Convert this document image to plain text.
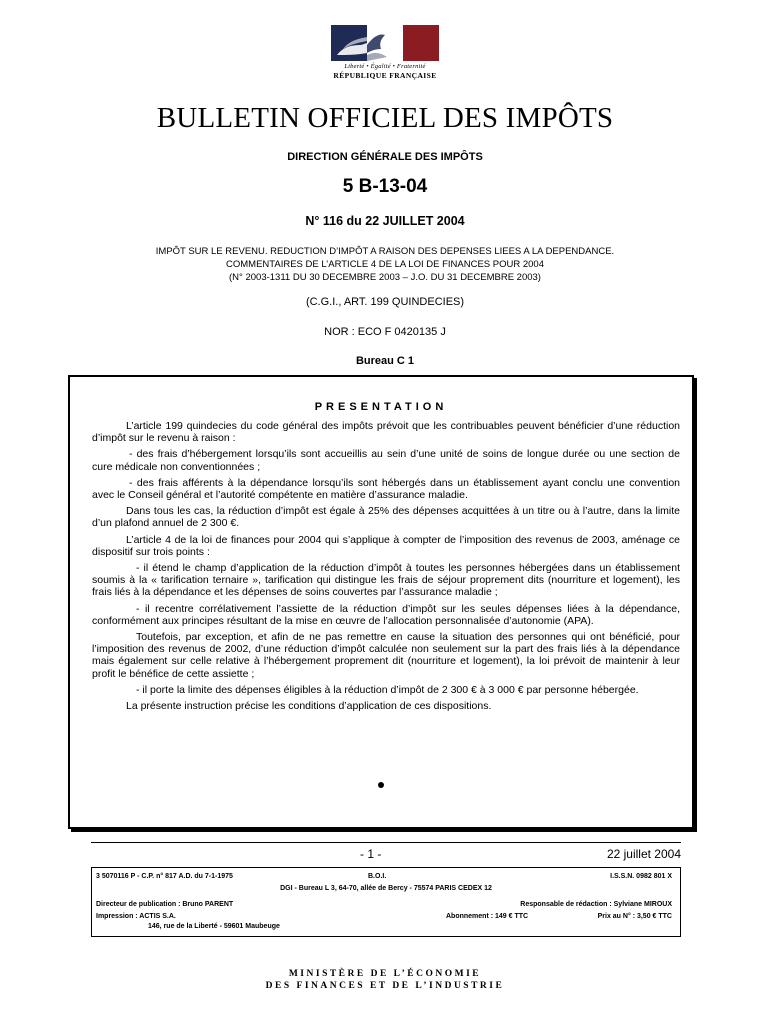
Liberté • Égalité • Fraternité
RÉPUBLIQUE FRANÇAISE
BULLETIN OFFICIEL DES IMPÔTS
DIRECTION GÉNÉRALE DES IMPÔTS
5 B-13-04
N° 116 du 22 JUILLET 2004
IMPÔT SUR LE REVENU. REDUCTION D’IMPÔT A RAISON DES DEPENSES LIEES A LA DEPENDANCE.
COMMENTAIRES DE L’ARTICLE 4 DE LA LOI DE FINANCES POUR 2004
(N° 2003-1311 DU 30 DECEMBRE 2003 – J.O. DU 31 DECEMBRE 2003)
(C.G.I., ART. 199 QUINDECIES)
NOR : ECO F 0420135 J
Bureau C 1
PRESENTATION

L’article 199 quindecies du code général des impôts prévoit que les contribuables peuvent bénéficier d’une réduction d’impôt sur le revenu à raison :

- des frais d’hébergement lorsqu’ils sont accueillis au sein d’une unité de soins de longue durée ou une section de cure médicale non conventionnées ;

- des frais afférents à la dépendance lorsqu’ils sont hébergés dans un établissement ayant conclu une convention avec le Conseil général et l’autorité compétente en matière d’assurance maladie.

Dans tous les cas, la réduction d’impôt est égale à 25% des dépenses acquittées à un titre ou à l’autre, dans la limite d’un plafond annuel de 2 300 €.

L’article 4 de la loi de finances pour 2004 qui s’applique à compter de l’imposition des revenus de 2003, aménage ce dispositif sur trois points :

- il étend le champ d’application de la réduction d’impôt à toutes les personnes hébergées dans un établissement soumis à la « tarification ternaire », tarification qui distingue les frais de séjour proprement dits (nourriture et logement), les frais liés à la dépendance et les dépenses de soins couvertes par l’assurance maladie ;

- il recentre corrélativement l’assiette de la réduction d’impôt sur les seules dépenses liées à la dépendance, conformément aux principes résultant de la mise en œuvre de l’allocation personnalisée d’autonomie (APA).

Toutefois, par exception, et afin de ne pas remettre en cause la situation des personnes qui ont bénéficié, pour l’imposition des revenus de 2002, d’une réduction d’impôt calculée non seulement sur la part des frais liés à la dépendance mais également sur celle relative à l’hébergement proprement dit (nourriture et logement), la loi prévoit de maintenir à leur profit le bénéfice de cette assiette ;

- il porte la limite des dépenses éligibles à la réduction d’impôt de 2 300 € à 3 000 € par personne hébergée.

La présente instruction précise les conditions d’application de ces dispositions.

- 1 -	22 juillet 2004
3 5070116 P - C.P. n° 817 A.D. du 7-1-1975	B.O.I.	I.S.S.N. 0982 801 X
DGI - Bureau L 3, 64-70, allée de Bercy - 75574 PARIS CEDEX 12
Directeur de publication : Bruno PARENT	Responsable de rédaction : Sylviane MIROUX
Impression : ACTIS S.A.	Abonnement : 149 € TTC	Prix au N° : 3,50 € TTC
146, rue de la Liberté - 59601 Maubeuge
MINISTÈRE DE L’ÉCONOMIE
DES FINANCES ET DE L’INDUSTRIE
